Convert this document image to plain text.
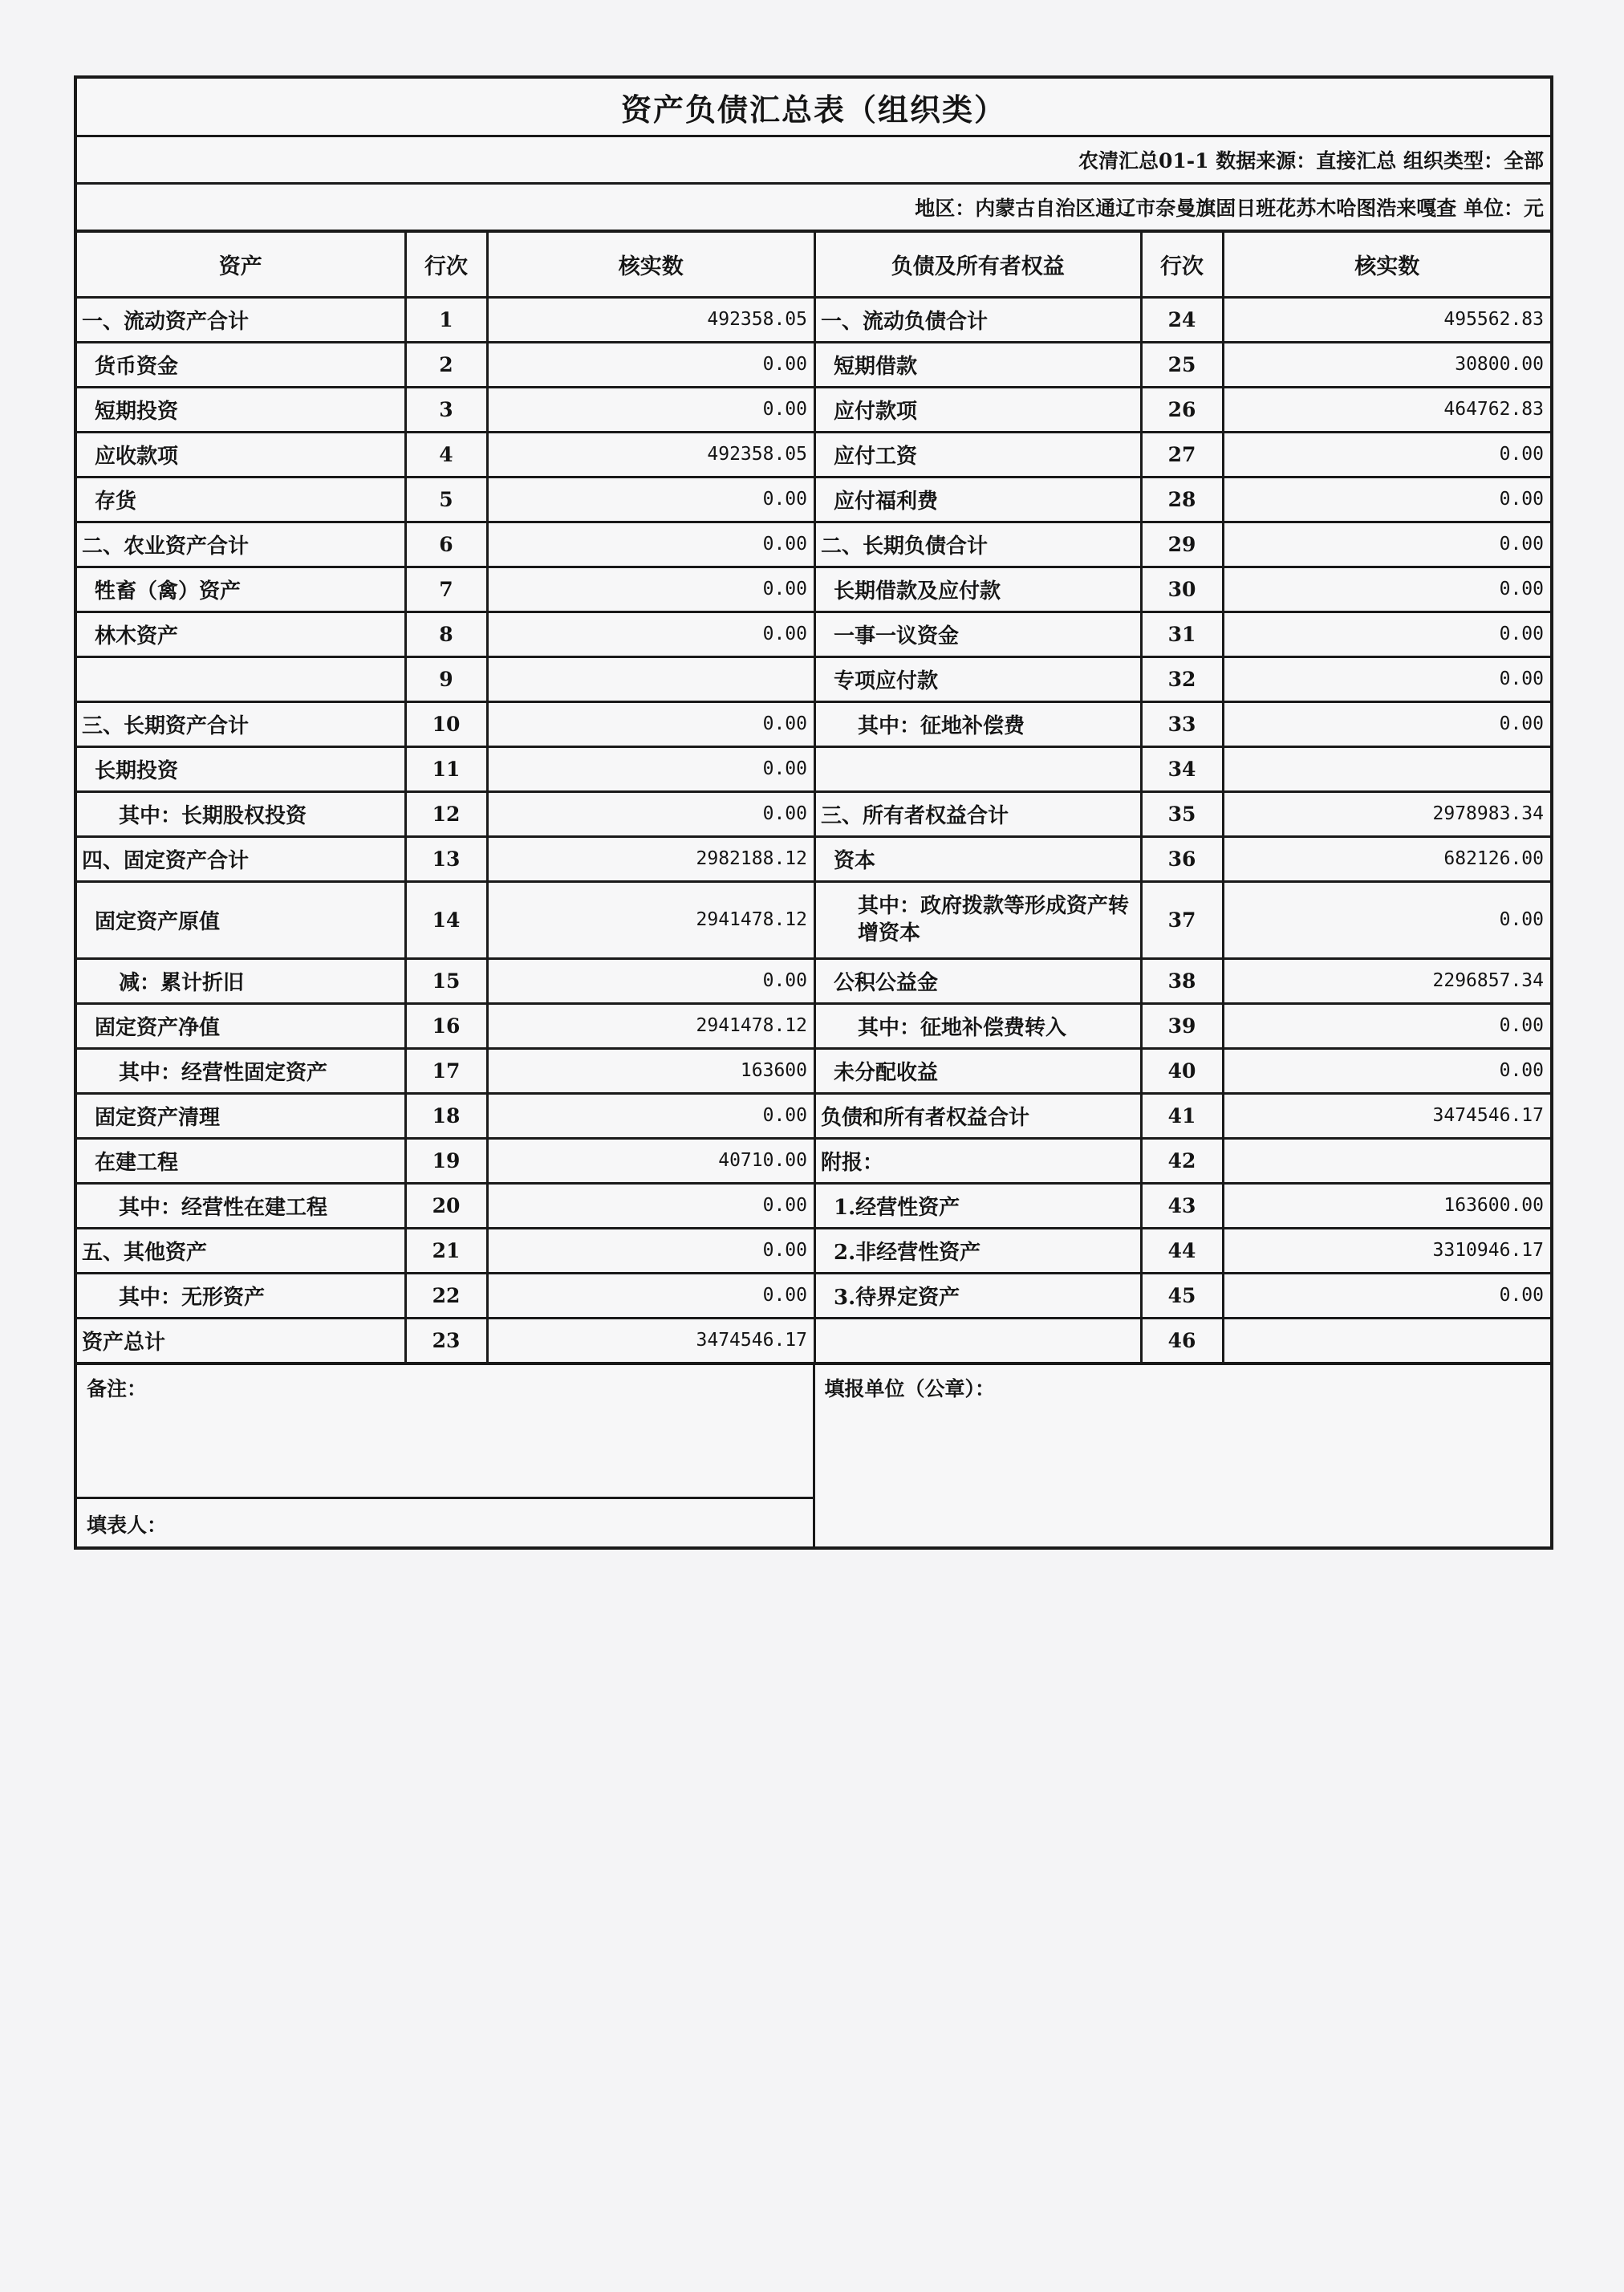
资产负债汇总表（组织类）
农清汇总01-1 数据来源：直接汇总 组织类型：全部
地区：内蒙古自治区通辽市奈曼旗固日班花苏木哈图浩来嘎查 单位：元
资产	行次	核实数
一、流动资产合计	1	492358.05
货币资金	2	0.00
短期投资	3	0.00
应收款项	4	492358.05
存货	5	0.00
二、农业资产合计	6	0.00
牲畜（禽）资产	7	0.00
林木资产	8	0.00
	9	
三、长期资产合计	10	0.00
长期投资	11	0.00
其中：长期股权投资	12	0.00
四、固定资产合计	13	2982188.12
固定资产原值	14	2941478.12
减：累计折旧	15	0.00
固定资产净值	16	2941478.12
其中：经营性固定资产	17	163600
固定资产清理	18	0.00
在建工程	19	40710.00
其中：经营性在建工程	20	0.00
五、其他资产	21	0.00
其中：无形资产	22	0.00
资产总计	23	3474546.17
负债及所有者权益	行次	核实数
一、流动负债合计	24	495562.83
短期借款	25	30800.00
应付款项	26	464762.83
应付工资	27	0.00
应付福利费	28	0.00
二、长期负债合计	29	0.00
长期借款及应付款	30	0.00
一事一议资金	31	0.00
专项应付款	32	0.00
其中：征地补偿费	33	0.00
	34	
三、所有者权益合计	35	2978983.34
资本	36	682126.00
其中：政府拨款等形成资产转增资本	37	0.00
公积公益金	38	2296857.34
其中：征地补偿费转入	39	0.00
未分配收益	40	0.00
负债和所有者权益合计	41	3474546.17
附报：	42	
1.经营性资产	43	163600.00
2.非经营性资产	44	3310946.17
3.待界定资产	45	0.00
	46	
备注：
填表人：
填报单位（公章）：
